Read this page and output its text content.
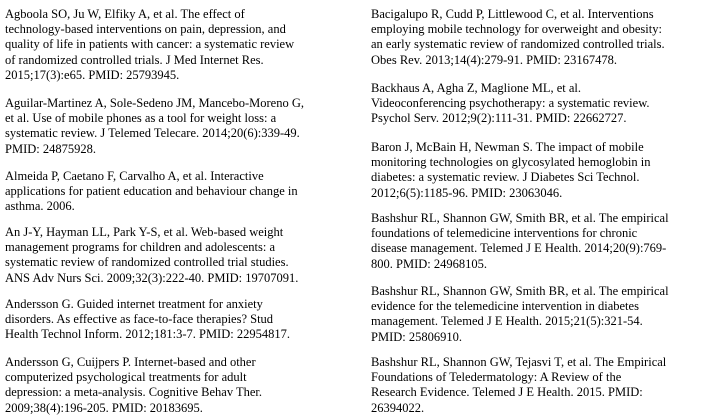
Agboola SO, Ju W, Elfiky A, et al. The effect of
technology-based interventions on pain, depression, and
quality of life in patients with cancer: a systematic review
of randomized controlled trials. J Med Internet Res.
2015;17(3):e65. PMID: 25793945.

Aguilar-Martinez A, Sole-Sedeno JM, Mancebo-Moreno G,
et al. Use of mobile phones as a tool for weight loss: a
systematic review. J Telemed Telecare. 2014;20(6):339-49.
PMID: 24875928.

Almeida P, Caetano F, Carvalho A, et al. Interactive
applications for patient education and behaviour change in
asthma. 2006.

An J-Y, Hayman LL, Park Y-S, et al. Web-based weight
management programs for children and adolescents: a
systematic review of randomized controlled trial studies.
ANS Adv Nurs Sci. 2009;32(3):222-40. PMID: 19707091.

Andersson G. Guided internet treatment for anxiety
disorders. As effective as face-to-face therapies? Stud
Health Technol Inform. 2012;181:3-7. PMID: 22954817.

Andersson G, Cuijpers P. Internet-based and other
computerized psychological treatments for adult
depression: a meta-analysis. Cognitive Behav Ther.
2009;38(4):196-205. PMID: 20183695.

Bacigalupo R, Cudd P, Littlewood C, et al. Interventions
employing mobile technology for overweight and obesity:
an early systematic review of randomized controlled trials.
Obes Rev. 2013;14(4):279-91. PMID: 23167478.

Backhaus A, Agha Z, Maglione ML, et al.
Videoconferencing psychotherapy: a systematic review.
Psychol Serv. 2012;9(2):111-31. PMID: 22662727.

Baron J, McBain H, Newman S. The impact of mobile
monitoring technologies on glycosylated hemoglobin in
diabetes: a systematic review. J Diabetes Sci Technol.
2012;6(5):1185-96. PMID: 23063046.

Bashshur RL, Shannon GW, Smith BR, et al. The empirical
foundations of telemedicine interventions for chronic
disease management. Telemed J E Health. 2014;20(9):769-
800. PMID: 24968105.

Bashshur RL, Shannon GW, Smith BR, et al. The empirical
evidence for the telemedicine intervention in diabetes
management. Telemed J E Health. 2015;21(5):321-54.
PMID: 25806910.

Bashshur RL, Shannon GW, Tejasvi T, et al. The Empirical
Foundations of Teledermatology: A Review of the
Research Evidence. Telemed J E Health. 2015. PMID:
26394022.
